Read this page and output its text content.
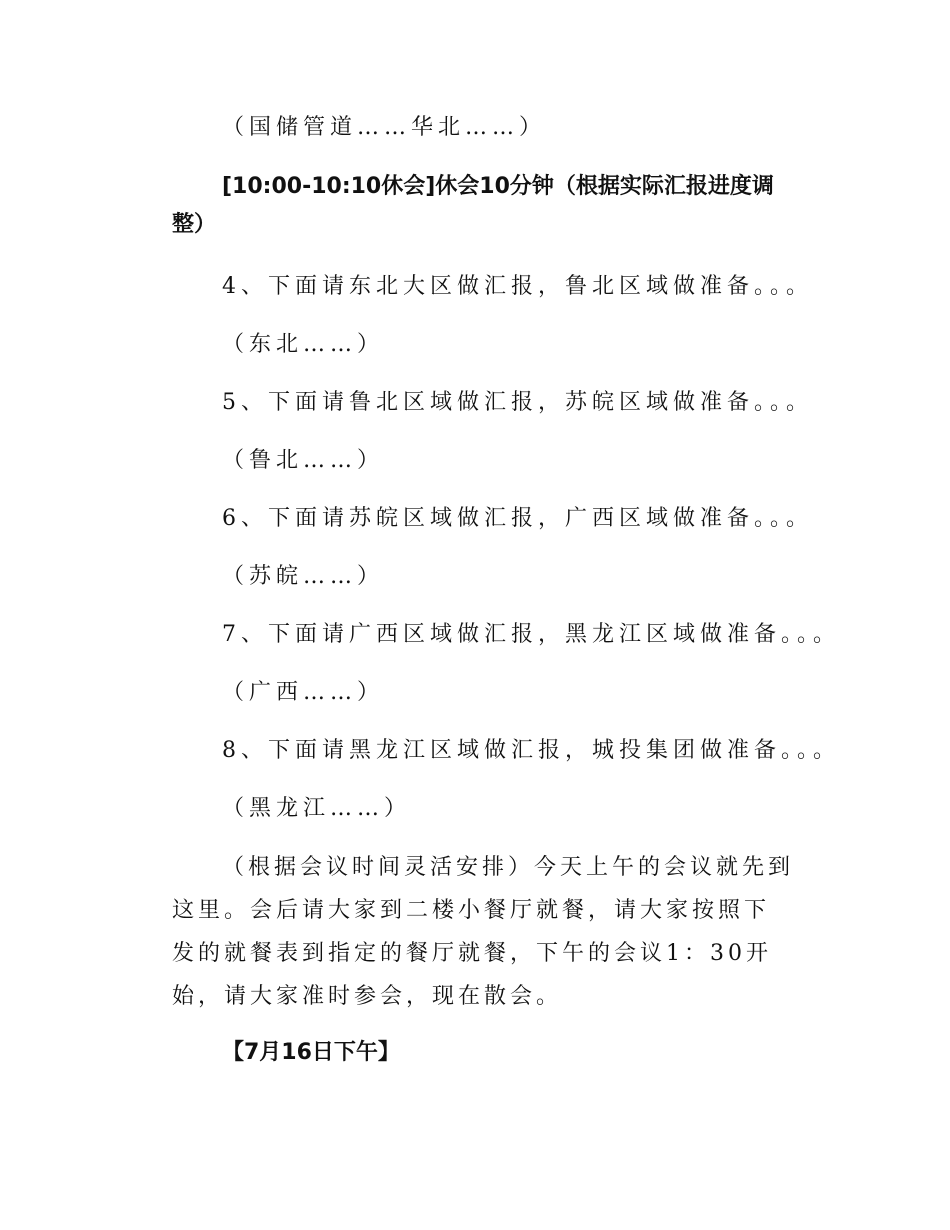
（国储管道……华北……）
[10:00-10:10休会]休会10分钟（根据实际汇报进度调整）
4、下面请东北大区做汇报，鲁北区域做准备。。。
（东北……）
5、下面请鲁北区域做汇报，苏皖区域做准备。。。
（鲁北……）
6、下面请苏皖区域做汇报，广西区域做准备。。。
（苏皖……）
7、下面请广西区域做汇报，黑龙江区域做准备。。。
（广西……）
8、下面请黑龙江区域做汇报，城投集团做准备。。。
（黑龙江……）
（根据会议时间灵活安排）今天上午的会议就先到这里。会后请大家到二楼小餐厅就餐，请大家按照下发的就餐表到指定的餐厅就餐，下午的会议1：30开始，请大家准时参会，现在散会。
【7月16日下午】
